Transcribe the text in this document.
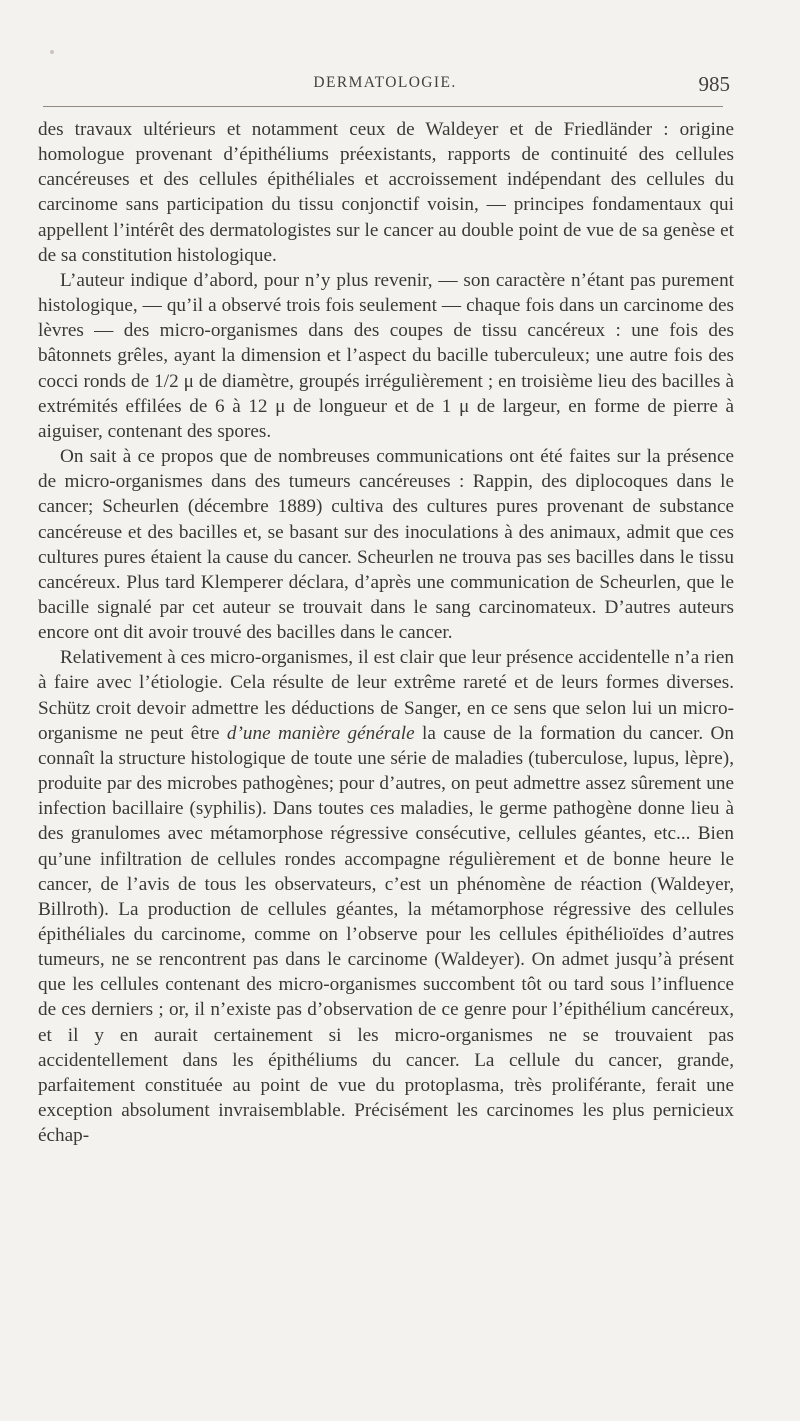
DERMATOLOGIE.	985

des travaux ultérieurs et notamment ceux de Waldeyer et de Friedländer : origine homologue provenant d’épithéliums préexistants, rapports de continuité des cellules cancéreuses et des cellules épithéliales et accroissement indépendant des cellules du carcinome sans participation du tissu conjonctif voisin, — principes fondamentaux qui appellent l’intérêt des dermatologistes sur le cancer au double point de vue de sa genèse et de sa constitution histologique.

L’auteur indique d’abord, pour n’y plus revenir, — son caractère n’étant pas purement histologique, — qu’il a observé trois fois seulement — chaque fois dans un carcinome des lèvres — des micro-organismes dans des coupes de tissu cancéreux : une fois des bâtonnets grêles, ayant la dimension et l’aspect du bacille tuberculeux; une autre fois des cocci ronds de 1/2 μ de diamètre, groupés irrégulièrement ; en troisième lieu des bacilles à extrémités effilées de 6 à 12 μ de longueur et de 1 μ de largeur, en forme de pierre à aiguiser, contenant des spores.

On sait à ce propos que de nombreuses communications ont été faites sur la présence de micro-organismes dans des tumeurs cancéreuses : Rappin, des diplocoques dans le cancer; Scheurlen (décembre 1889) cultiva des cultures pures provenant de substance cancéreuse et des bacilles et, se basant sur des inoculations à des animaux, admit que ces cultures pures étaient la cause du cancer. Scheurlen ne trouva pas ses bacilles dans le tissu cancéreux. Plus tard Klemperer déclara, d’après une communication de Scheurlen, que le bacille signalé par cet auteur se trouvait dans le sang carcinomateux. D’autres auteurs encore ont dit avoir trouvé des bacilles dans le cancer.

Relativement à ces micro-organismes, il est clair que leur présence accidentelle n’a rien à faire avec l’étiologie. Cela résulte de leur extrême rareté et de leurs formes diverses. Schütz croit devoir admettre les déductions de Sanger, en ce sens que selon lui un micro-organisme ne peut être d’une manière générale la cause de la formation du cancer. On connaît la structure histologique de toute une série de maladies (tuberculose, lupus, lèpre), produite par des microbes pathogènes; pour d’autres, on peut admettre assez sûrement une infection bacillaire (syphilis). Dans toutes ces maladies, le germe pathogène donne lieu à des granulomes avec métamorphose régressive consécutive, cellules géantes, etc... Bien qu’une infiltration de cellules rondes accompagne régulièrement et de bonne heure le cancer, de l’avis de tous les observateurs, c’est un phénomène de réaction (Waldeyer, Billroth). La production de cellules géantes, la métamorphose régressive des cellules épithéliales du carcinome, comme on l’observe pour les cellules épithélioïdes d’autres tumeurs, ne se rencontrent pas dans le carcinome (Waldeyer). On admet jusqu’à présent que les cellules contenant des micro-organismes succombent tôt ou tard sous l’influence de ces derniers ; or, il n’existe pas d’observation de ce genre pour l’épithélium cancéreux, et il y en aurait certainement si les micro-organismes ne se trouvaient pas accidentellement dans les épithéliums du cancer. La cellule du cancer, grande, parfaitement constituée au point de vue du protoplasma, très proliférante, ferait une exception absolument invraisemblable. Précisément les carcinomes les plus pernicieux échap-
